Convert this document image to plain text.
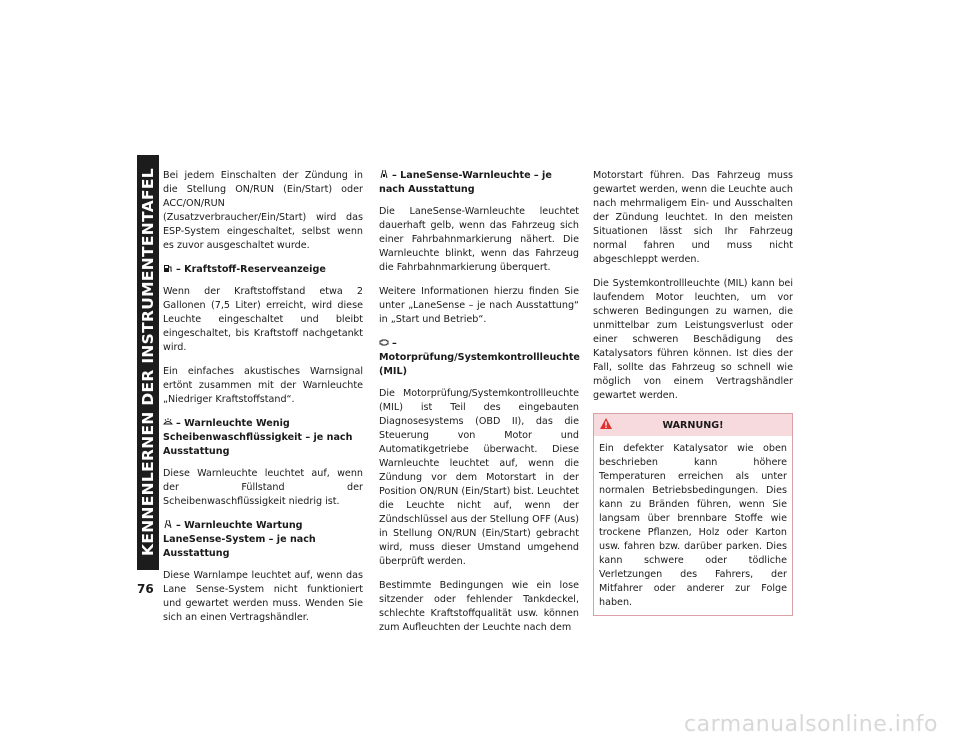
KENNENLERNEN DER INSTRUMENTENTAFEL
76

Bei jedem Einschalten der Zündung in die Stellung ON/RUN (Ein/Start) oder ACC/ON/RUN (Zusatzverbraucher/Ein/Start) wird das ESP-System eingeschaltet, selbst wenn es zuvor ausgeschaltet wurde.

– Kraftstoff-Reserveanzeige

Wenn der Kraftstoffstand etwa 2 Gallonen (7,5 Liter) erreicht, wird diese Leuchte eingeschaltet und bleibt eingeschaltet, bis Kraftstoff nachgetankt wird.

Ein einfaches akustisches Warnsignal ertönt zusammen mit der Warnleuchte „Niedriger Kraftstoffstand“.

– Warnleuchte Wenig
Scheibenwaschflüssigkeit – je nach Ausstattung

Diese Warnleuchte leuchtet auf, wenn der Füllstand der Scheibenwaschflüssigkeit niedrig ist.

– Warnleuchte Wartung
LaneSense-System – je nach Ausstattung

Diese Warnlampe leuchtet auf, wenn das Lane Sense-System nicht funktioniert und gewartet werden muss. Wenden Sie sich an einen Vertragshändler.

– LaneSense-Warnleuchte – je nach Ausstattung

Die LaneSense-Warnleuchte leuchtet dauerhaft gelb, wenn das Fahrzeug sich einer Fahrbahnmarkierung nähert. Die Warnleuchte blinkt, wenn das Fahrzeug die Fahrbahnmarkierung überquert.

Weitere Informationen hierzu finden Sie unter „LaneSense – je nach Ausstattung“ in „Start und Betrieb“.

– Motorprüfung/Systemkontrollleuchte (MIL)

Die Motorprüfung/Systemkontrollleuchte (MIL) ist Teil des eingebauten Diagnosesystems (OBD II), das die Steuerung von Motor und Automatikgetriebe überwacht. Diese Warnleuchte leuchtet auf, wenn die Zündung vor dem Motorstart in der Position ON/RUN (Ein/Start) bist. Leuchtet die Leuchte nicht auf, wenn der Zündschlüssel aus der Stellung OFF (Aus) in Stellung ON/RUN (Ein/Start) gebracht wird, muss dieser Umstand umgehend überprüft werden.

Bestimmte Bedingungen wie ein lose sitzender oder fehlender Tankdeckel, schlechte Kraftstoffqualität usw. können zum Aufleuchten der Leuchte nach dem

Motorstart führen. Das Fahrzeug muss gewartet werden, wenn die Leuchte auch nach mehrmaligem Ein- und Ausschalten der Zündung leuchtet. In den meisten Situationen lässt sich Ihr Fahrzeug normal fahren und muss nicht abgeschleppt werden.

Die Systemkontrollleuchte (MIL) kann bei laufendem Motor leuchten, um vor schweren Bedingungen zu warnen, die unmittelbar zum Leistungsverlust oder einer schweren Beschädigung des Katalysators führen können. Ist dies der Fall, sollte das Fahrzeug so schnell wie möglich von einem Vertragshändler gewartet werden.

WARNUNG!

Ein defekter Katalysator wie oben beschrieben kann höhere Temperaturen erreichen als unter normalen Betriebsbedingungen. Dies kann zu Bränden führen, wenn Sie langsam über brennbare Stoffe wie trockene Pflanzen, Holz oder Karton usw. fahren bzw. darüber parken. Dies kann schwere oder tödliche Verletzungen des Fahrers, der Mitfahrer oder anderer zur Folge haben.

carmanualsonline.info
